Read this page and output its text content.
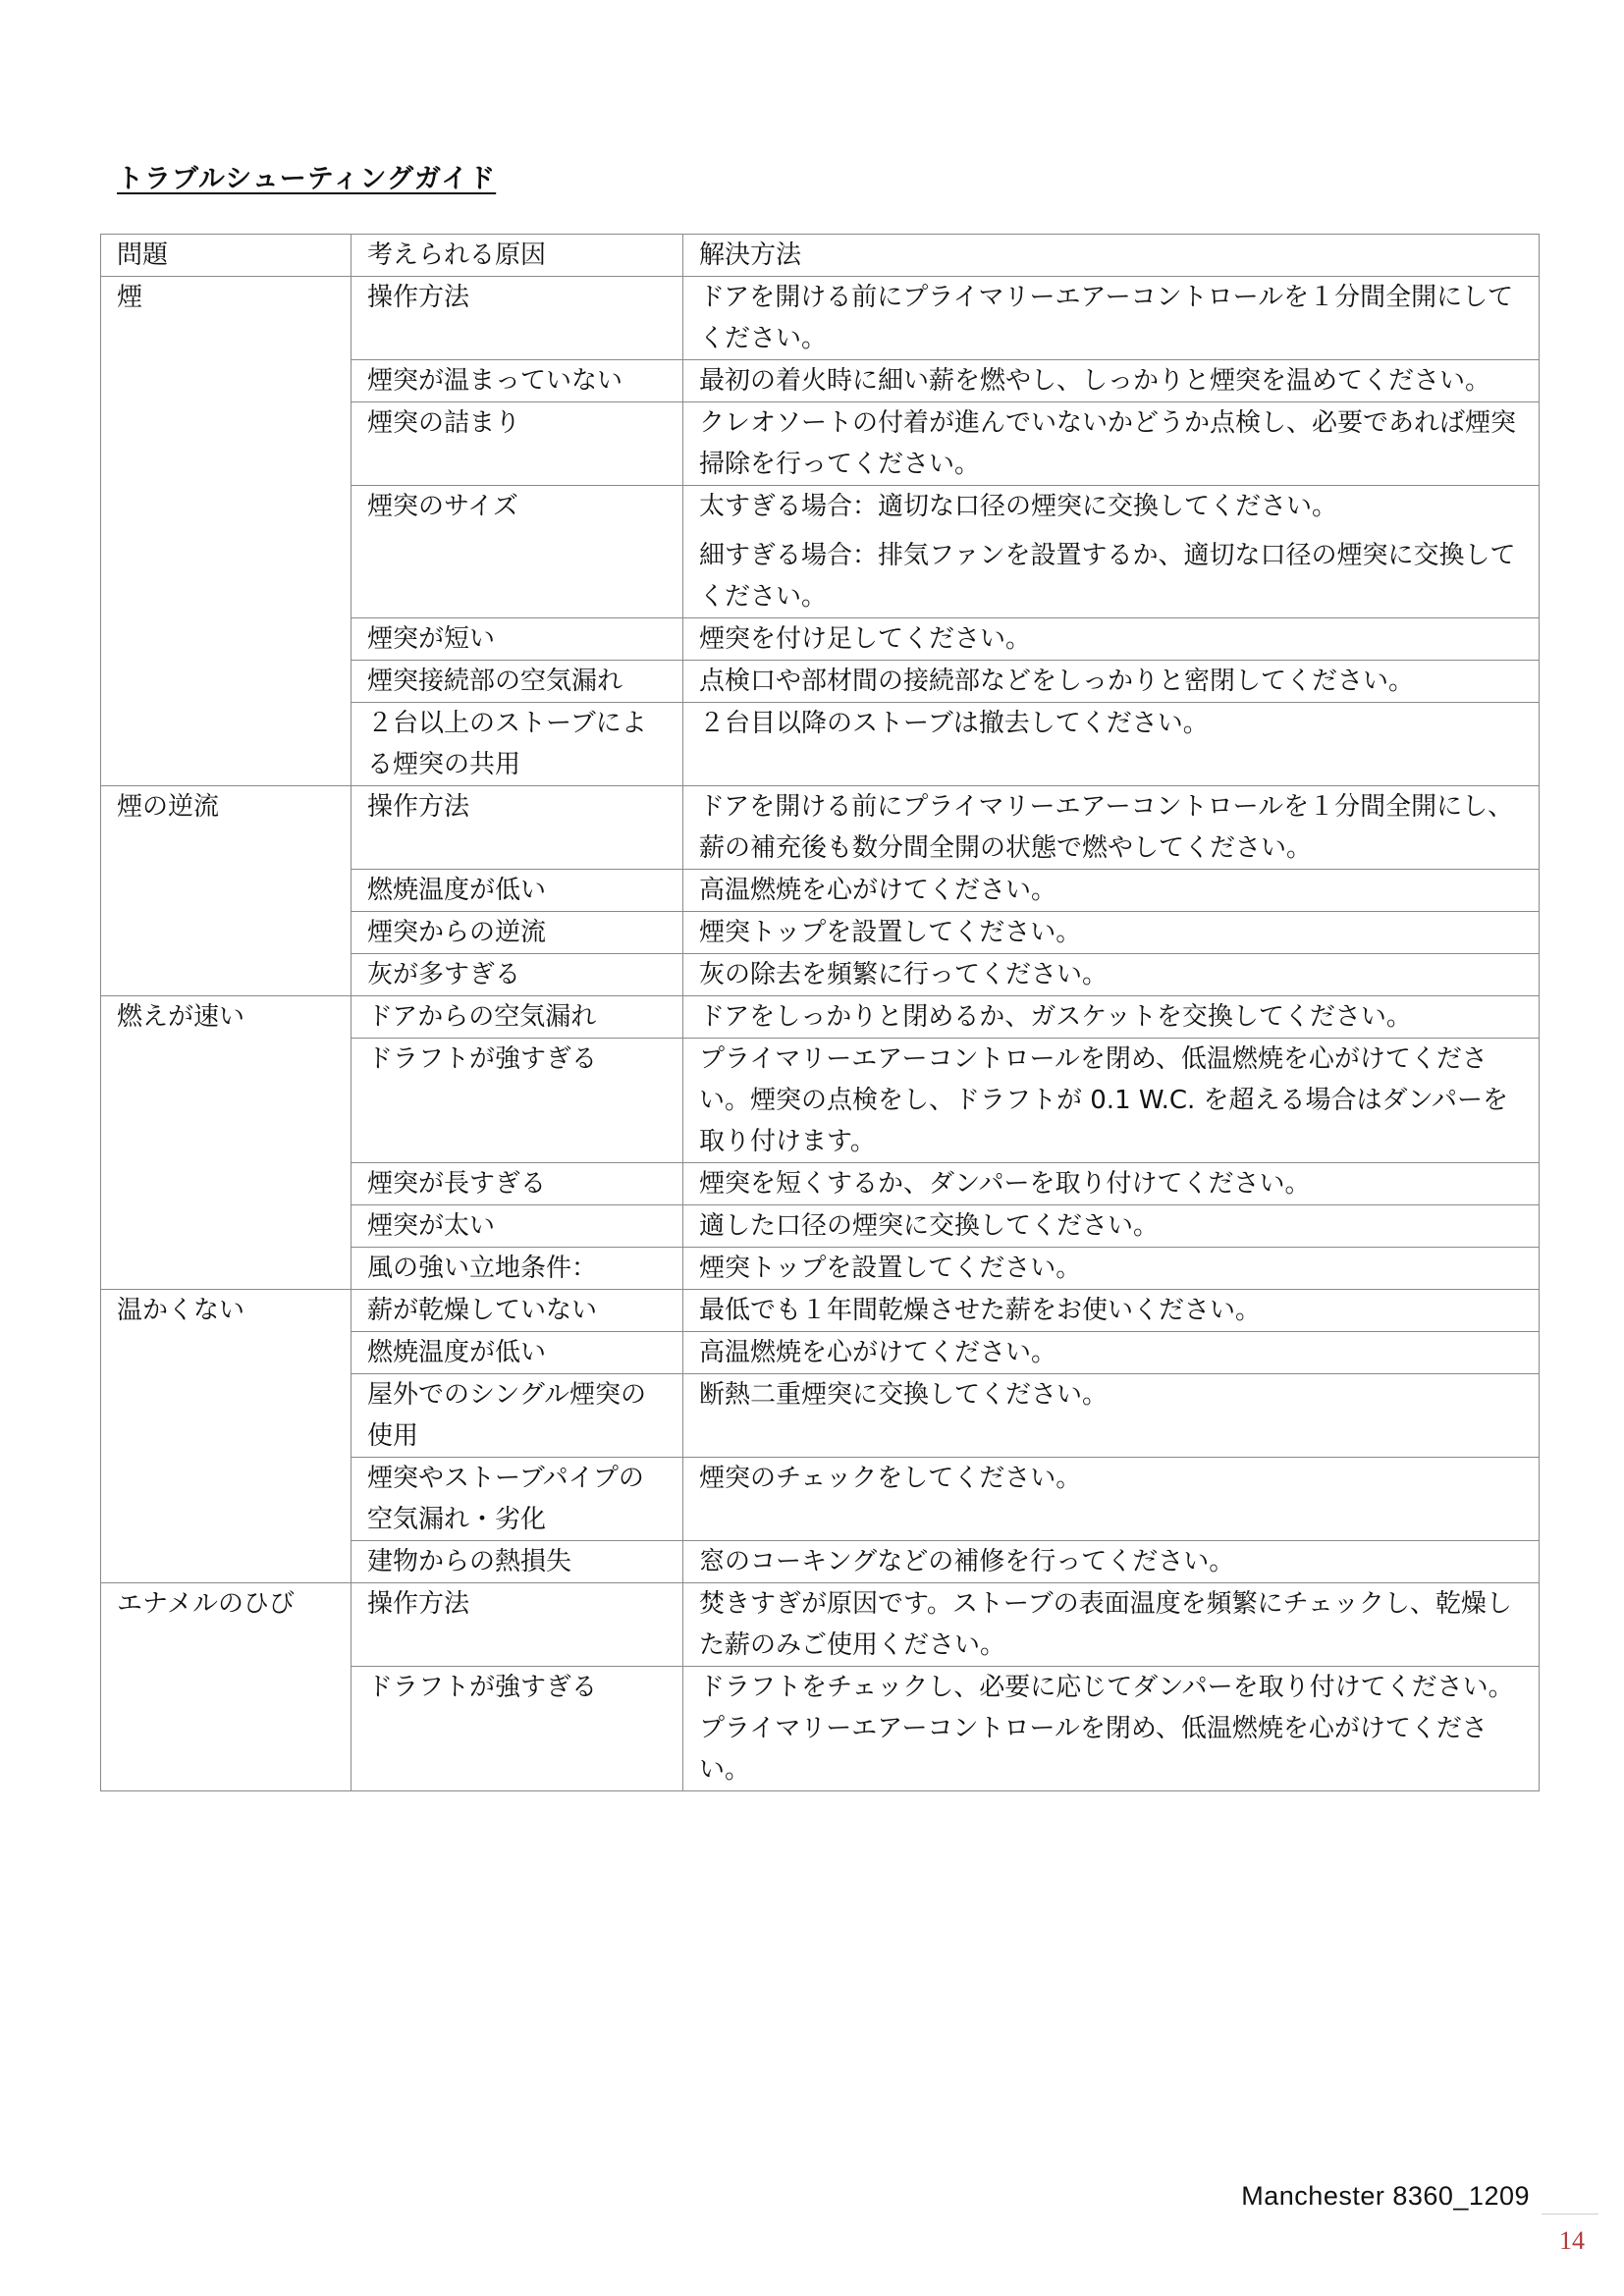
トラブルシューティングガイド
問題	考えられる原因	解決方法
煙	操作方法	ドアを開ける前にプライマリーエアーコントロールを１分間全開にしてください。

	煙突が温まっていない	最初の着火時に細い薪を燃やし、しっかりと煙突を温めてください。

	煙突の詰まり	クレオソートの付着が進んでいないかどうか点検し、必要であれば煙突掃除を行ってください。

	煙突のサイズ	太すぎる場合：適切な口径の煙突に交換してください。

細すぎる場合：排気ファンを設置するか、適切な口径の煙突に交換してください。

	煙突が短い	煙突を付け足してください。

	煙突接続部の空気漏れ	点検口や部材間の接続部などをしっかりと密閉してください。

	２台以上のストーブによる煙突の共用	２台目以降のストーブは撤去してください。

煙の逆流	操作方法	ドアを開ける前にプライマリーエアーコントロールを１分間全開にし、薪の補充後も数分間全開の状態で燃やしてください。

	燃焼温度が低い	高温燃焼を心がけてください。

	煙突からの逆流	煙突トップを設置してください。

	灰が多すぎる	灰の除去を頻繁に行ってください。

燃えが速い	ドアからの空気漏れ	ドアをしっかりと閉めるか、ガスケットを交換してください。

	ドラフトが強すぎる	プライマリーエアーコントロールを閉め、低温燃焼を心がけてください。煙突の点検をし、ドラフトが 0.1 W.C. を超える場合はダンパーを取り付けます。

	煙突が長すぎる	煙突を短くするか、ダンパーを取り付けてください。

	煙突が太い	適した口径の煙突に交換してください。

	風の強い立地条件：	煙突トップを設置してください。

温かくない	薪が乾燥していない	最低でも１年間乾燥させた薪をお使いください。

	燃焼温度が低い	高温燃焼を心がけてください。

	屋外でのシングル煙突の使用	断熱二重煙突に交換してください。

	煙突やストーブパイプの空気漏れ・劣化	煙突のチェックをしてください。

	建物からの熱損失	窓のコーキングなどの補修を行ってください。

エナメルのひび	操作方法	焚きすぎが原因です。ストーブの表面温度を頻繁にチェックし、乾燥した薪のみご使用ください。

	ドラフトが強すぎる	ドラフトをチェックし、必要に応じてダンパーを取り付けてください。プライマリーエアーコントロールを閉め、低温燃焼を心がけてください。

Manchester 8360_1209
14
